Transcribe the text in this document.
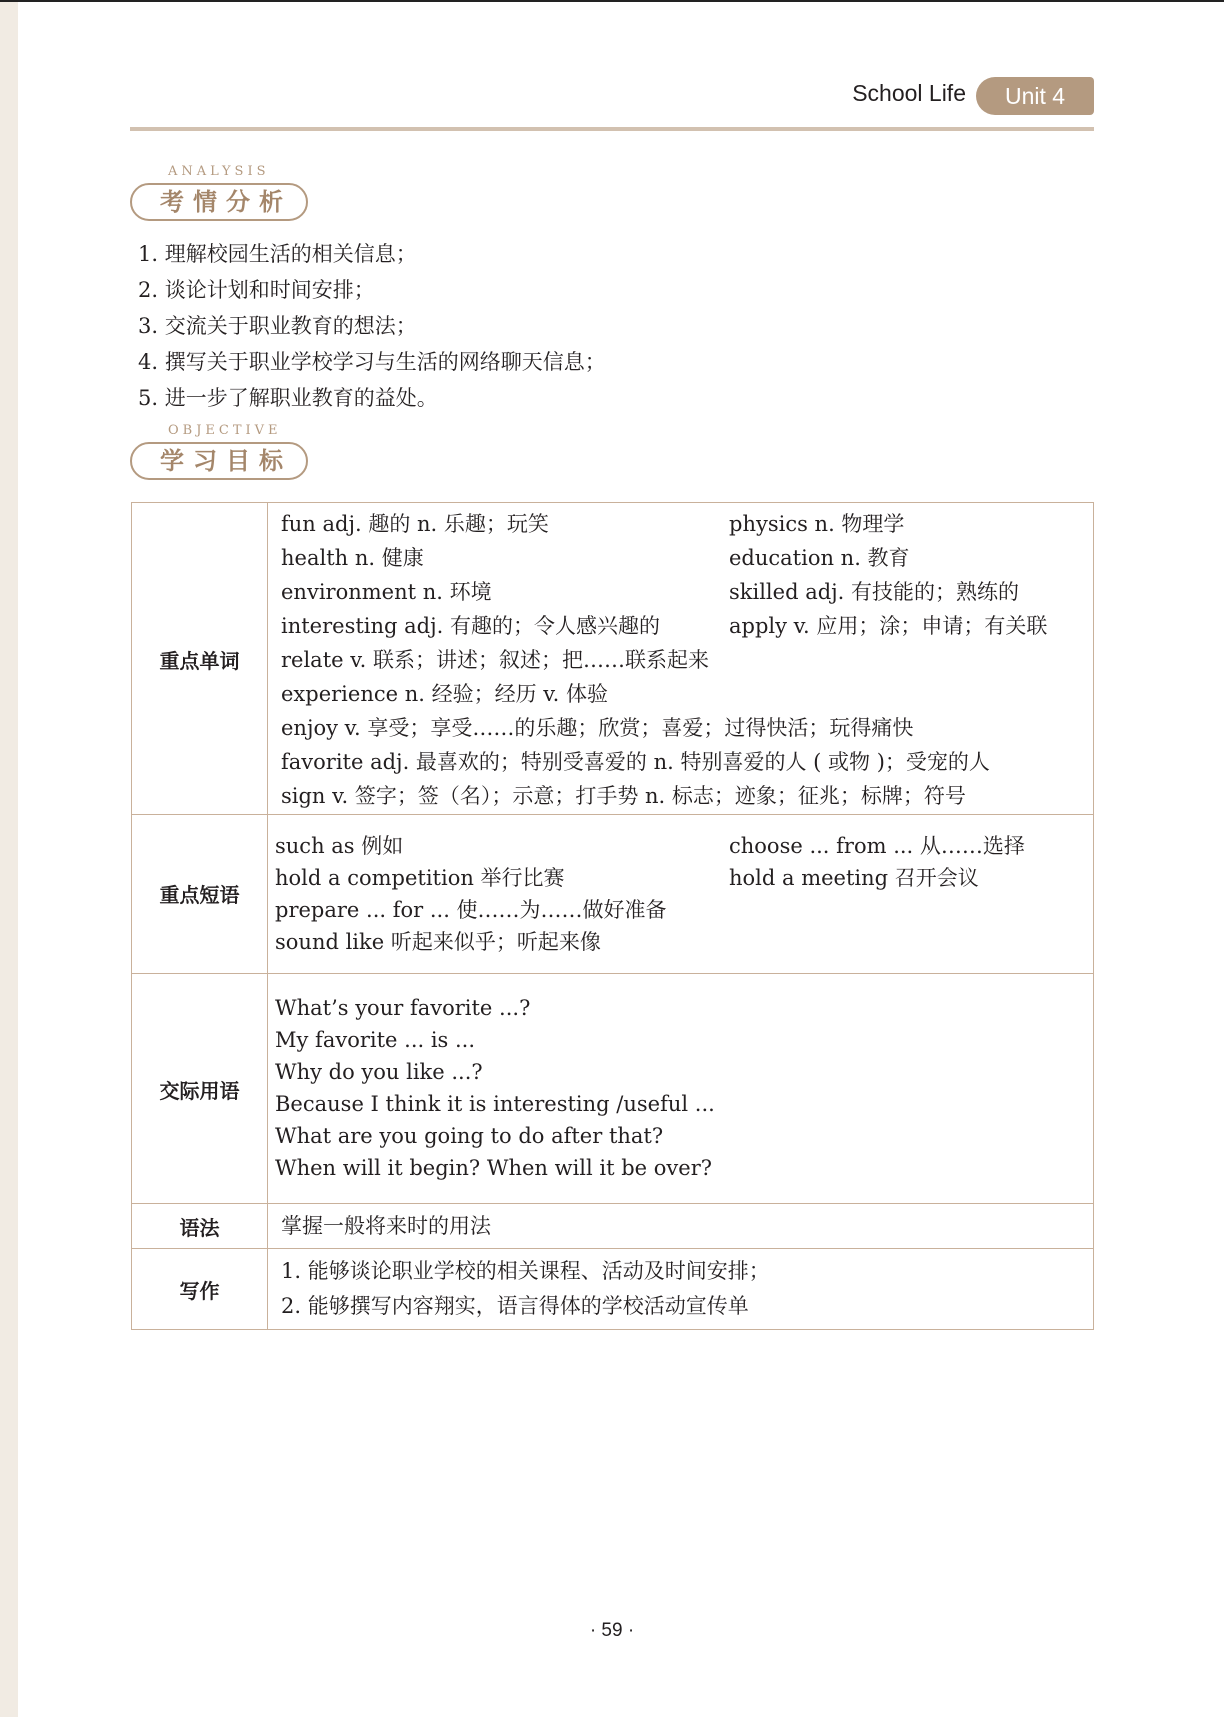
School Life	Unit 4
ANALYSIS
考情分析
1. 理解校园生活的相关信息；
2. 谈论计划和时间安排；
3. 交流关于职业教育的想法；
4. 撰写关于职业学校学习与生活的网络聊天信息；
5. 进一步了解职业教育的益处。
OBJECTIVE
学习目标
重点单词
fun adj. 趣的 n. 乐趣；玩笑
health n. 健康
environment n. 环境
interesting adj. 有趣的；令人感兴趣的
relate v. 联系；讲述；叙述；把……联系起来
experience n. 经验；经历 v. 体验
enjoy v. 享受；享受……的乐趣；欣赏；喜爱；过得快活；玩得痛快
favorite adj. 最喜欢的；特别受喜爱的 n. 特别喜爱的人 ( 或物 )；受宠的人
sign v. 签字；签（名）；示意；打手势 n. 标志；迹象；征兆；标牌；符号
physics n. 物理学
education n. 教育
skilled adj. 有技能的；熟练的
apply v. 应用；涂；申请；有关联
重点短语
such as 例如
hold a competition 举行比赛
prepare ... for ... 使……为……做好准备
sound like 听起来似乎；听起来像
choose ... from ... 从……选择
hold a meeting 召开会议
交际用语
What’s your favorite ...?
My favorite ... is ...
Why do you like ...?
Because I think it is interesting /useful ...
What are you going to do after that?
When will it begin? When will it be over?
语法	掌握一般将来时的用法
写作
1. 能够谈论职业学校的相关课程、活动及时间安排；
2. 能够撰写内容翔实，语言得体的学校活动宣传单
· 59 ·
